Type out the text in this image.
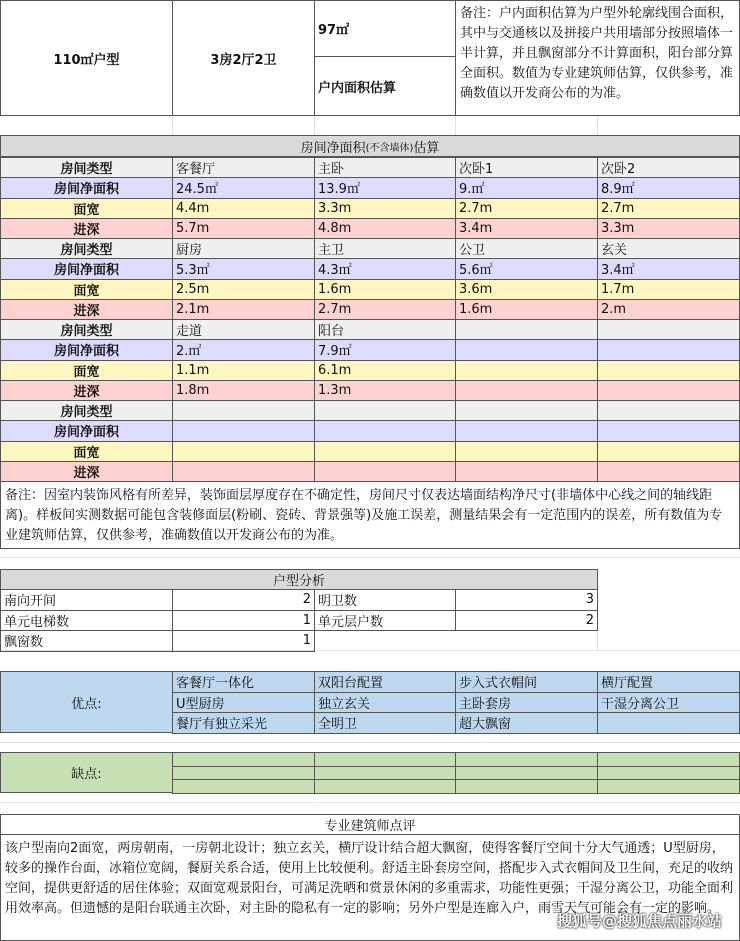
110㎡户型	3房2厅2卫
97㎡
户内面积估算
备注：户内面积估算为户型外轮廓线围合面积，其中与交通核以及拼接户共用墙部分按照墙体一半计算，并且飘窗部分不计算面积，阳台部分算全面积。数值为专业建筑师估算，仅供参考，准确数值以开发商公布的为准。
房间净面积 (不含墙体) 估算
房间类型	客餐厅	主卧	次卧1	次卧2
房间净面积	24.5㎡	13.9㎡	9.㎡	8.9㎡
面宽	4.4m	3.3m	2.7m	2.7m
进深	5.7m	4.8m	3.4m	3.3m
房间类型	厨房	主卫	公卫	玄关
房间净面积	5.3㎡	4.3㎡	5.6㎡	3.4㎡
面宽	2.5m	1.6m	3.6m	1.7m
进深	2.1m	2.7m	1.6m	2.m
房间类型	走道	阳台
房间净面积	2.㎡	7.9㎡
面宽	1.1m	6.1m
进深	1.8m	1.3m
房间类型
房间净面积
面宽
进深
备注：因室内装饰风格有所差异，装饰面层厚度存在不确定性，房间尺寸仅表达墙面结构净尺寸(非墙体中心线之间的轴线距离)。样板间实测数据可能包含装修面层(粉刷、瓷砖、背景强等)及施工误差，测量结果会有一定范围内的误差，所有数值为专业建筑师估算，仅供参考，准确数值以开发商公布的为准。
户型分析
南向开间	2 明卫数	3
单元电梯数	1 单元层户数	2
飘窗数	1
优点:
客餐厅一体化	双阳台配置	步入式衣帽间	横厅配置
U型厨房	独立玄关	主卧套房	干湿分离公卫
餐厅有独立采光	全明卫	超大飘窗
缺点:
专业建筑师点评
该户型南向2面宽，两房朝南，一房朝北设计；独立玄关，横厅设计结合超大飘窗，使得客餐厅空间十分大气通透；U型厨房，较多的操作台面，冰箱位宽阔，餐厨关系合适，使用上比较便利。舒适主卧套房空间，搭配步入式衣帽间及卫生间，充足的收纳空间，提供更舒适的居住体验；双面宽观景阳台，可满足洗晒和赏景休闲的多重需求，功能性更强；干湿分离公卫，功能全面利用效率高。但遗憾的是阳台联通主次卧，对主卧的隐私有一定的影响；另外户型是连廊入户，雨雪天气可能会有一定的影响。
搜狐号@搜狐焦点丽水站
